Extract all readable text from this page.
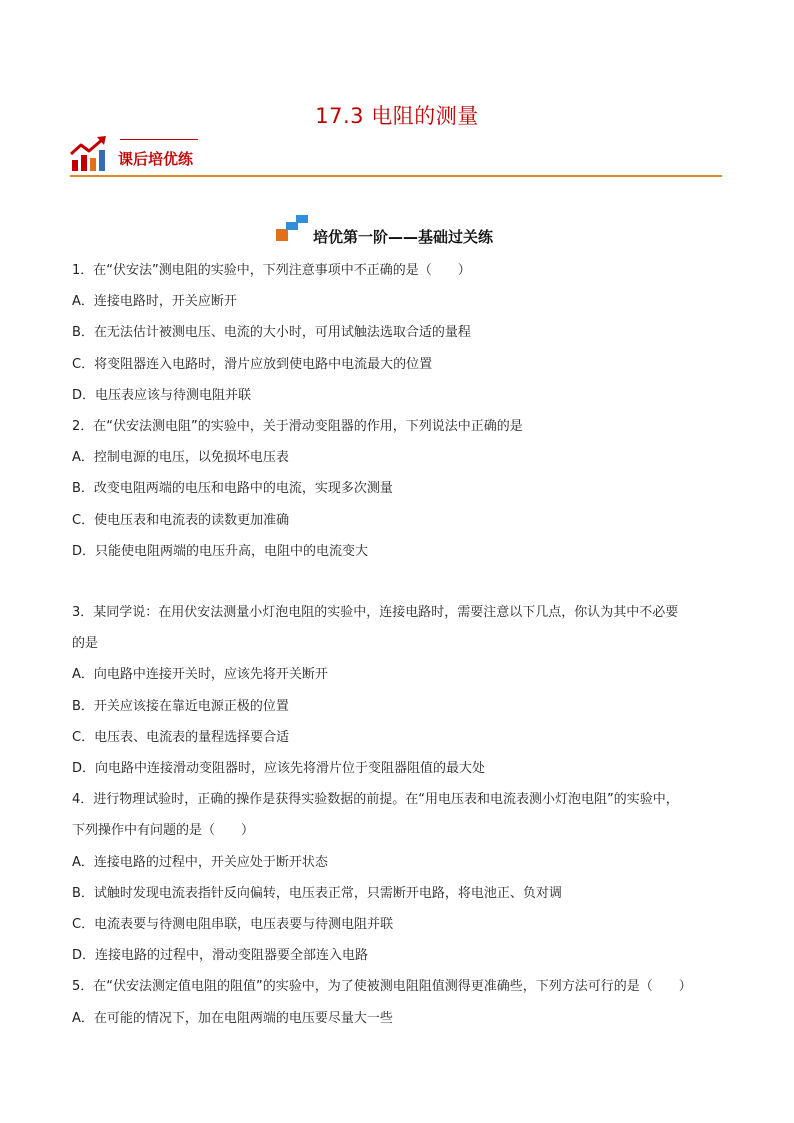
17.3 电阻的测量
课后培优练
培优第一阶——基础过关练
1．在“伏安法”测电阻的实验中，下列注意事项中不正确的是（　　）
A．连接电路时，开关应断开
B．在无法估计被测电压、电流的大小时，可用试触法选取合适的量程
C．将变阻器连入电路时，滑片应放到使电路中电流最大的位置
D．电压表应该与待测电阻并联
2．在“伏安法测电阻”的实验中，关于滑动变阻器的作用，下列说法中正确的是
A．控制电源的电压，以免损坏电压表
B．改变电阻两端的电压和电路中的电流，实现多次测量
C．使电压表和电流表的读数更加准确
D．只能使电阻两端的电压升高，电阻中的电流变大
3．某同学说：在用伏安法测量小灯泡电阻的实验中，连接电路时，需要注意以下几点，你认为其中不必要
的是
A．向电路中连接开关时，应该先将开关断开
B．开关应该接在靠近电源正极的位置
C．电压表、电流表的量程选择要合适
D．向电路中连接滑动变阻器时，应该先将滑片位于变阻器阻值的最大处
4．进行物理试验时，正确的操作是获得实验数据的前提。在“用电压表和电流表测小灯泡电阻”的实验中，
下列操作中有问题的是（　　）
A．连接电路的过程中，开关应处于断开状态
B．试触时发现电流表指针反向偏转，电压表正常，只需断开电路，将电池正、负对调
C．电流表要与待测电阻串联，电压表要与待测电阻并联
D．连接电路的过程中，滑动变阻器要全部连入电路
5．在“伏安法测定值电阻的阻值”的实验中，为了使被测电阻阻值测得更准确些，下列方法可行的是（　　）
A．在可能的情况下，加在电阻两端的电压要尽量大一些
